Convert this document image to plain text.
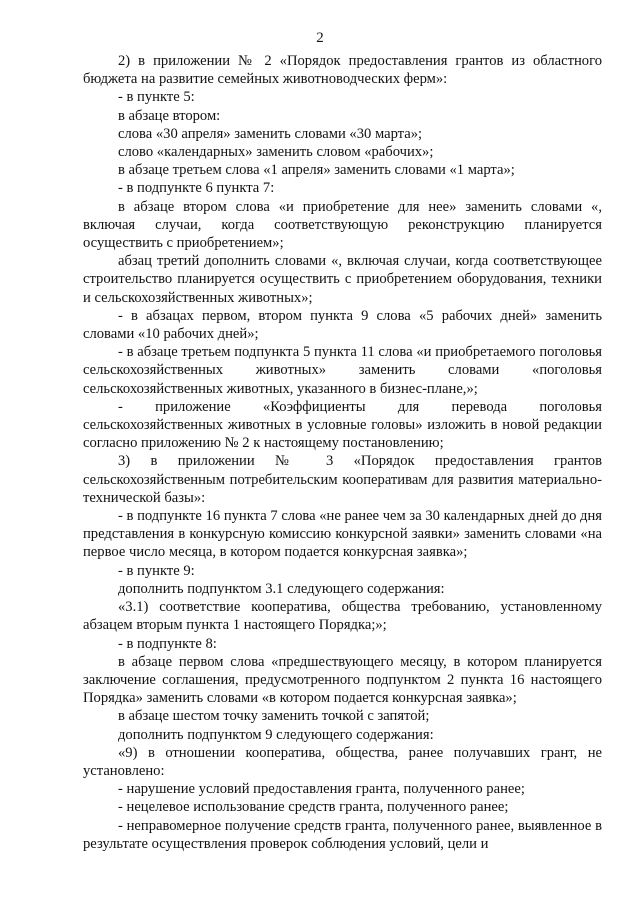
2

2) в приложении № 2 «Порядок предоставления грантов из областного бюджета на развитие семейных животноводческих ферм»:

- в пункте 5:

в абзаце втором:

слова «30 апреля» заменить словами «30 марта»;

слово «календарных» заменить словом «рабочих»;

в абзаце третьем слова «1 апреля» заменить словами «1 марта»;

- в подпункте 6 пункта 7:

в абзаце втором слова «и приобретение для нее» заменить словами «, включая случаи, когда соответствующую реконструкцию планируется осуществить с приобретением»;

абзац третий дополнить словами «, включая случаи, когда соответствующее строительство планируется осуществить с приобретением оборудования, техники и сельскохозяйственных животных»;

- в абзацах первом, втором пункта 9 слова «5 рабочих дней» заменить словами «10 рабочих дней»;

- в абзаце третьем подпункта 5 пункта 11 слова «и приобретаемого поголовья сельскохозяйственных животных» заменить словами «поголовья сельскохозяйственных животных, указанного в бизнес-плане,»;

- приложение «Коэффициенты для перевода поголовья сельскохозяйственных животных в условные головы» изложить в новой редакции согласно приложению № 2 к настоящему постановлению;

3) в приложении № 3 «Порядок предоставления грантов сельскохозяйственным потребительским кооперативам для развития материально-технической базы»:

- в подпункте 16 пункта 7 слова «не ранее чем за 30 календарных дней до дня представления в конкурсную комиссию конкурсной заявки» заменить словами «на первое число месяца, в котором подается конкурсная заявка»;

- в пункте 9:

дополнить подпунктом 3.1 следующего содержания:

«3.1) соответствие кооператива, общества требованию, установленному абзацем вторым пункта 1 настоящего Порядка;»;

- в подпункте 8:

в абзаце первом слова «предшествующего месяцу, в котором планируется заключение соглашения, предусмотренного подпунктом 2 пункта 16 настоящего Порядка» заменить словами «в котором подается конкурсная заявка»;

в абзаце шестом точку заменить точкой с запятой;

дополнить подпунктом 9 следующего содержания:

«9) в отношении кооператива, общества, ранее получавших грант, не установлено:

- нарушение условий предоставления гранта, полученного ранее;

- нецелевое использование средств гранта, полученного ранее;

- неправомерное получение средств гранта, полученного ранее, выявленное в результате осуществления проверок соблюдения условий, цели и
